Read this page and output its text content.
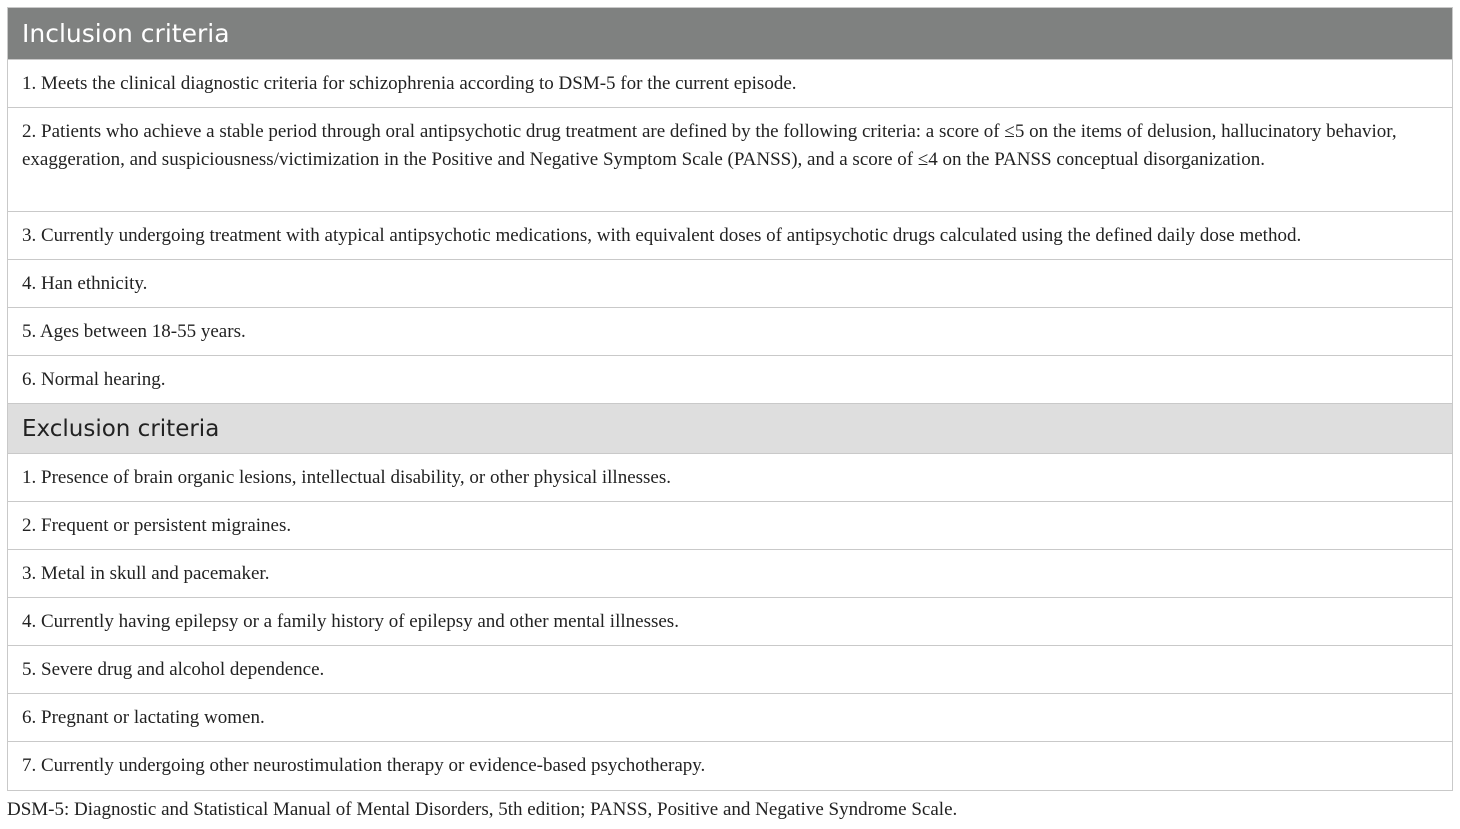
Inclusion criteria
1. Meets the clinical diagnostic criteria for schizophrenia according to DSM-5 for the current episode.
2. Patients who achieve a stable period through oral antipsychotic drug treatment are defined by the following criteria: a score of ≤5 on the items of delusion, hallucinatory behavior, exaggeration, and suspiciousness/victimization in the Positive and Negative Symptom Scale (PANSS), and a score of ≤4 on the PANSS conceptual disorganization.
3. Currently undergoing treatment with atypical antipsychotic medications, with equivalent doses of antipsychotic drugs calculated using the defined daily dose method.
4. Han ethnicity.
5. Ages between 18-55 years.
6. Normal hearing.
Exclusion criteria
1. Presence of brain organic lesions, intellectual disability, or other physical illnesses.
2. Frequent or persistent migraines.
3. Metal in skull and pacemaker.
4. Currently having epilepsy or a family history of epilepsy and other mental illnesses.
5. Severe drug and alcohol dependence.
6. Pregnant or lactating women.
7. Currently undergoing other neurostimulation therapy or evidence-based psychotherapy.
DSM-5: Diagnostic and Statistical Manual of Mental Disorders, 5th edition; PANSS, Positive and Negative Syndrome Scale.
